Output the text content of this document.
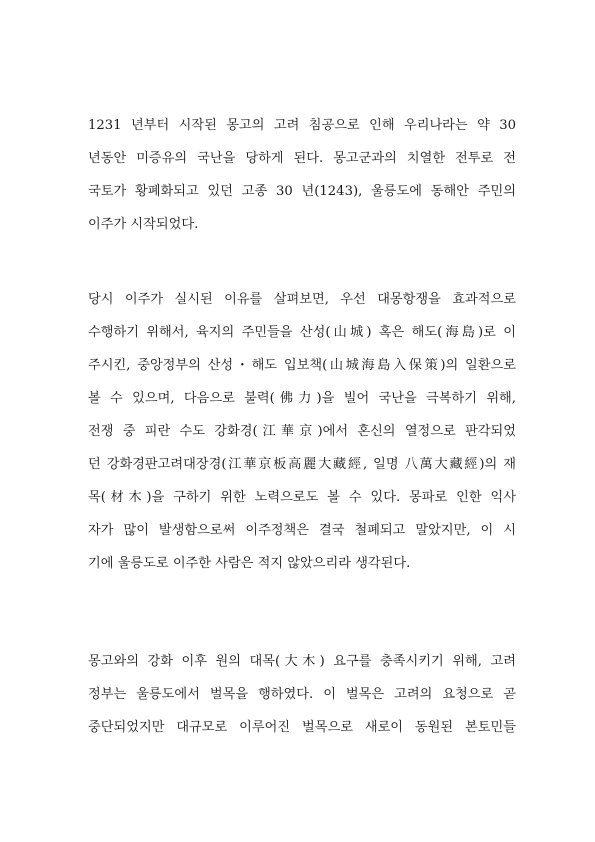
1231 년부터 시작된 몽고의 고려 침공으로 인해 우리나라는 약 30
년동안 미증유의 국난을 당하게 된다. 몽고군과의 치열한 전투로 전
국토가 황폐화되고 있던 고종 30 년(1243), 울릉도에 동해안 주민의
이주가 시작되었다.
당시 이주가 실시된 이유를 살펴보면, 우선 대몽항쟁을 효과적으로
수행하기 위해서, 육지의 주민들을 산성(山城) 혹은 해도(海島)로 이
주시킨, 중앙정부의 산성・해도 입보책(山城海島入保策)의 일환으로
볼 수 있으며, 다음으로 불력(佛力)을 빌어 국난을 극복하기 위해,
전쟁 중 피란 수도 강화경(江華京)에서 혼신의 열정으로 판각되었
던 강화경판고려대장경(江華京板高麗大藏經, 일명 八萬大藏經)의 재
목(材木)을 구하기 위한 노력으로도 볼 수 있다. 몽파로 인한 익사
자가 많이 발생함으로써 이주정책은 결국 철폐되고 말았지만, 이 시
기에 울릉도로 이주한 사람은 적지 않았으리라 생각된다.
몽고와의 강화 이후 원의 대목(大木) 요구를 충족시키기 위해, 고려
정부는 울릉도에서 벌목을 행하였다. 이 벌목은 고려의 요청으로 곧
중단되었지만 대규모로 이루어진 벌목으로 새로이 동원된 본토민들
